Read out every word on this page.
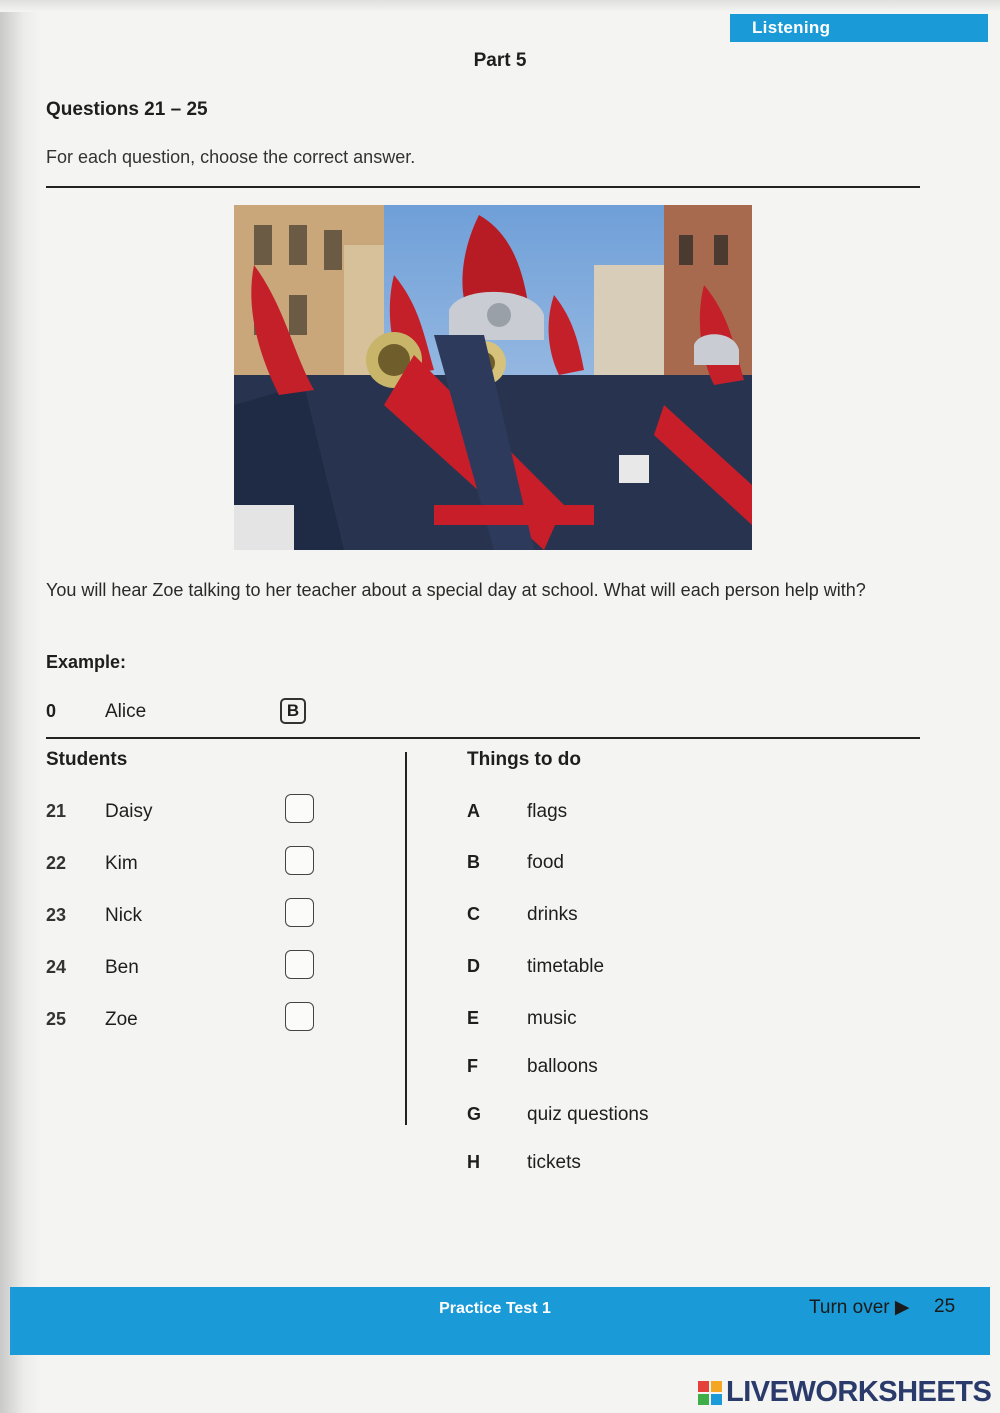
Listening
Part 5
Questions 21 – 25
For each question, choose the correct answer.
You will hear Zoe talking to her teacher about a special day at school. What will each person help with?
Example:
0	Alice	B
Students	Things to do
21 Daisy
22 Kim
23 Nick
24 Ben
25 Zoe
A flags
B food
C drinks
D timetable
E	music
F	balloons
G quiz questions
H tickets
Practice Test 1	Turn over ▶ 25
LIVEWORKSHEETS
